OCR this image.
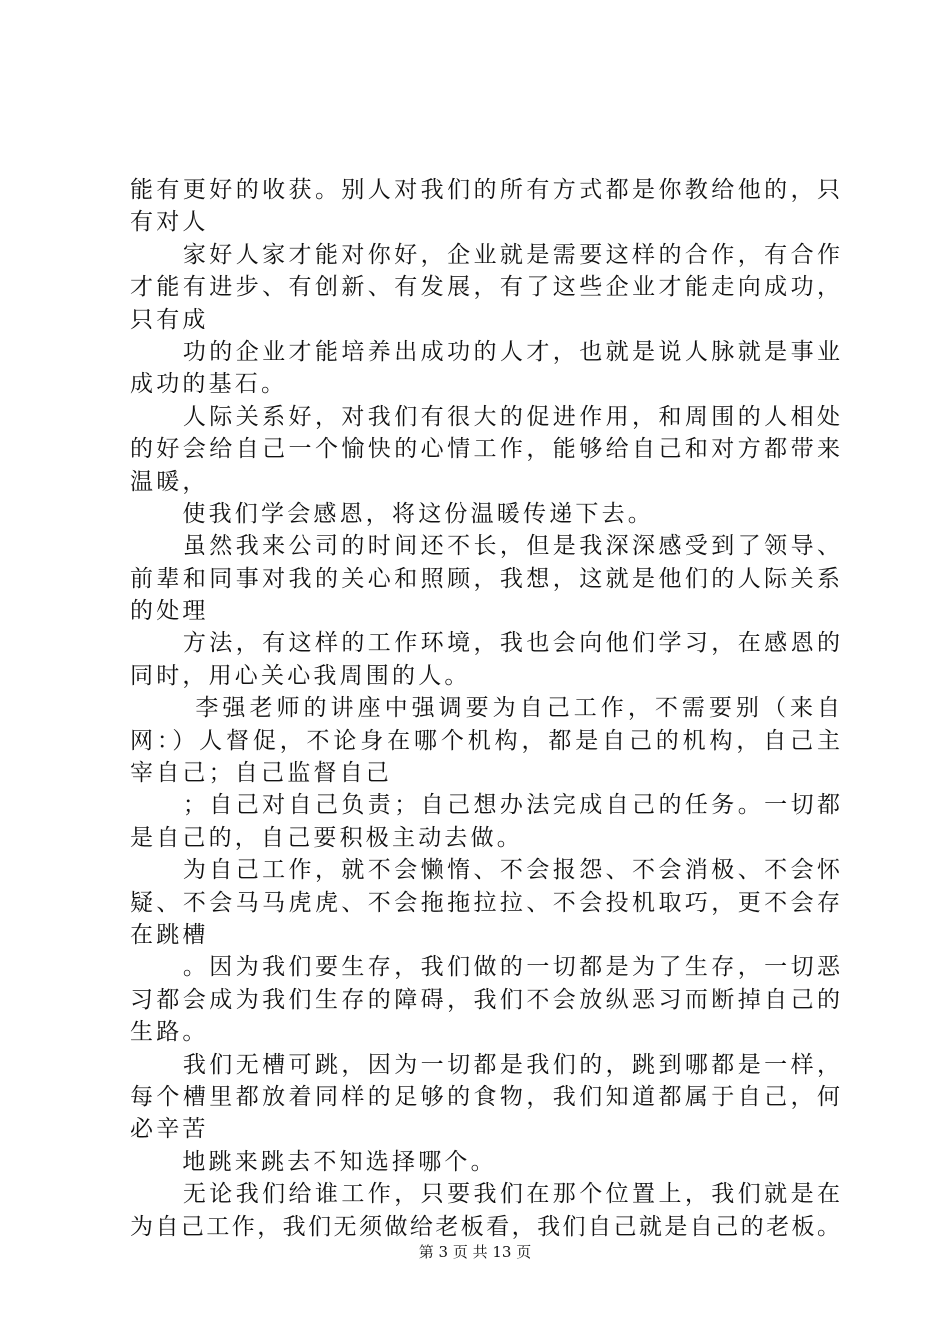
能有更好的收获。别人对我们的所有方式都是你教给他的，只
有对人
　　家好人家才能对你好，企业就是需要这样的合作，有合作
才能有进步、有创新、有发展，有了这些企业才能走向成功，
只有成
　　功的企业才能培养出成功的人才，也就是说人脉就是事业
成功的基石。
　　人际关系好，对我们有很大的促进作用，和周围的人相处
的好会给自己一个愉快的心情工作，能够给自己和对方都带来
温暖，
　　使我们学会感恩，将这份温暖传递下去。
　　虽然我来公司的时间还不长，但是我深深感受到了领导、
前辈和同事对我的关心和照顾，我想，这就是他们的人际关系
的处理
　　方法，有这样的工作环境，我也会向他们学习，在感恩的
同时，用心关心我周围的人。
　　 李强老师的讲座中强调要为自己工作，不需要别（来自
网：）人督促，不论身在哪个机构，都是自己的机构，自己主
宰自己；自己监督自己
　　；自己对自己负责；自己想办法完成自己的任务。一切都
是自己的，自己要积极主动去做。
　　为自己工作，就不会懒惰、不会报怨、不会消极、不会怀
疑、不会马马虎虎、不会拖拖拉拉、不会投机取巧，更不会存
在跳槽
　　。因为我们要生存，我们做的一切都是为了生存，一切恶
习都会成为我们生存的障碍，我们不会放纵恶习而断掉自己的
生路。
　　我们无槽可跳，因为一切都是我们的，跳到哪都是一样，
每个槽里都放着同样的足够的食物，我们知道都属于自己，何
必辛苦
　　地跳来跳去不知选择哪个。
　　无论我们给谁工作，只要我们在那个位置上，我们就是在
为自己工作，我们无须做给老板看，我们自己就是自己的老板。
第 3 页 共 13 页
